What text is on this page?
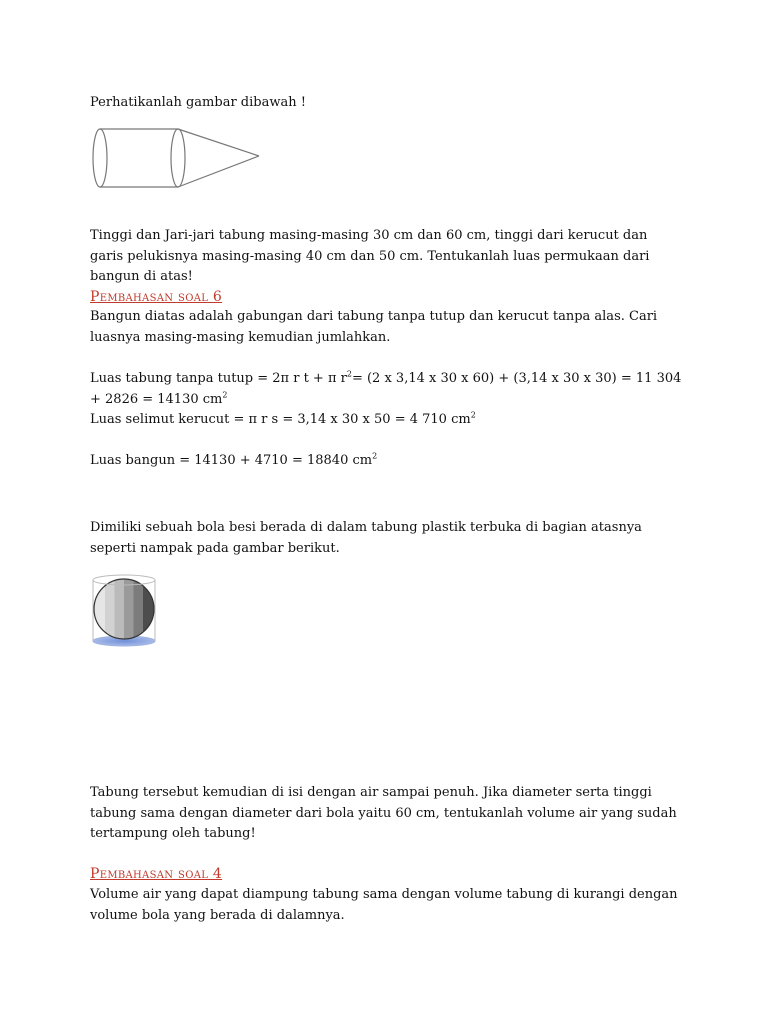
Perhatikanlah gambar dibawah !

Tinggi dan Jari-jari tabung masing-masing 30 cm dan 60 cm, tinggi dari kerucut dan garis pelukisnya masing-masing 40 cm dan 50 cm. Tentukanlah luas permukaan dari bangun di atas!

Pembahasan soal 6

Bangun diatas adalah gabungan dari tabung tanpa tutup dan kerucut tanpa alas. Cari luasnya masing-masing kemudian jumlahkan.

Luas tabung tanpa tutup = 2π r t + π $r^2= (2$ x 3,14 x 30 x 60) + (3,14 x 30 x 30) = 11 304 + 2826 = 14130 $cm^2$

Luas selimut kerucut = π r s = 3,14 x 30 x 50 = 4 710 $cm^2$

Luas bangun = 14130 + 4710 = 18840 $cm^2$

Dimiliki sebuah bola besi berada di dalam tabung plastik terbuka di bagian atasnya seperti nampak pada gambar berikut.

Tabung tersebut kemudian di isi dengan air sampai penuh. Jika diameter serta tinggi tabung sama dengan diameter dari bola yaitu 60 cm, tentukanlah volume air yang sudah tertampung oleh tabung!

Pembahasan soal 4

Volume air yang dapat diampung tabung sama dengan volume tabung di kurangi dengan volume bola yang berada di dalamnya.
